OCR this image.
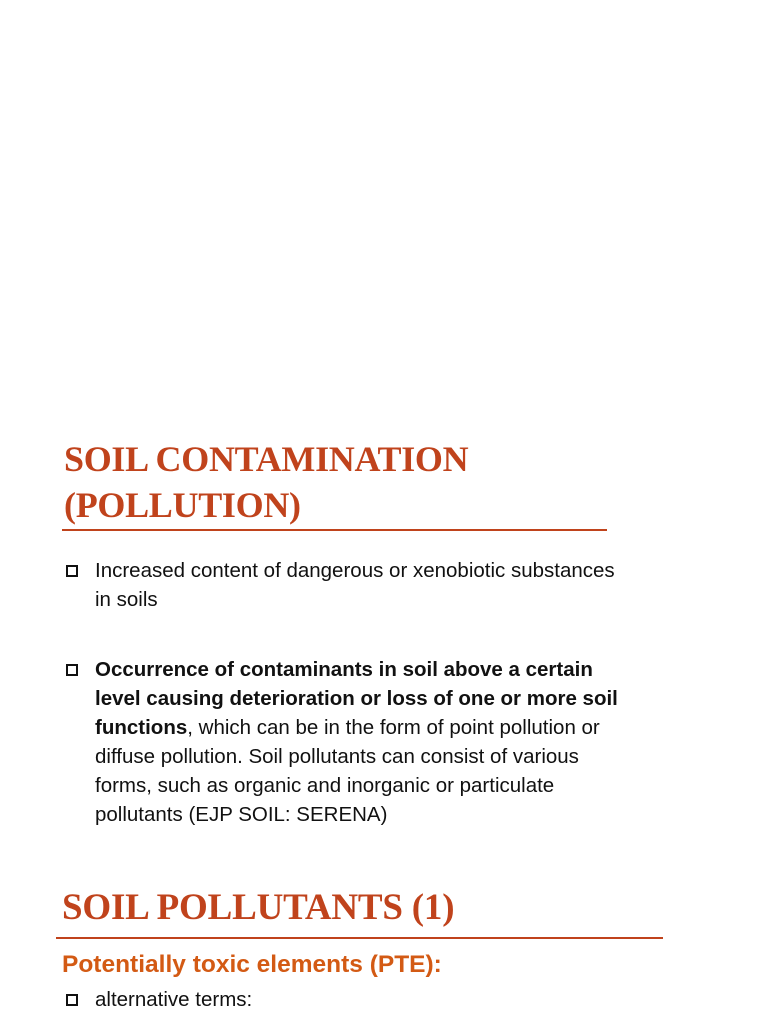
SOIL CONTAMINATION
(POLLUTION)
Increased content of dangerous or xenobiotic substances in soils
Occurrence of contaminants in soil above a certain level causing deterioration or loss of one or more soil functions, which can be in the form of point pollution or diffuse pollution. Soil pollutants can consist of various forms, such as organic and inorganic or particulate pollutants (EJP SOIL: SERENA)
SOIL POLLUTANTS (1)
Potentially toxic elements (PTE):
alternative terms:
